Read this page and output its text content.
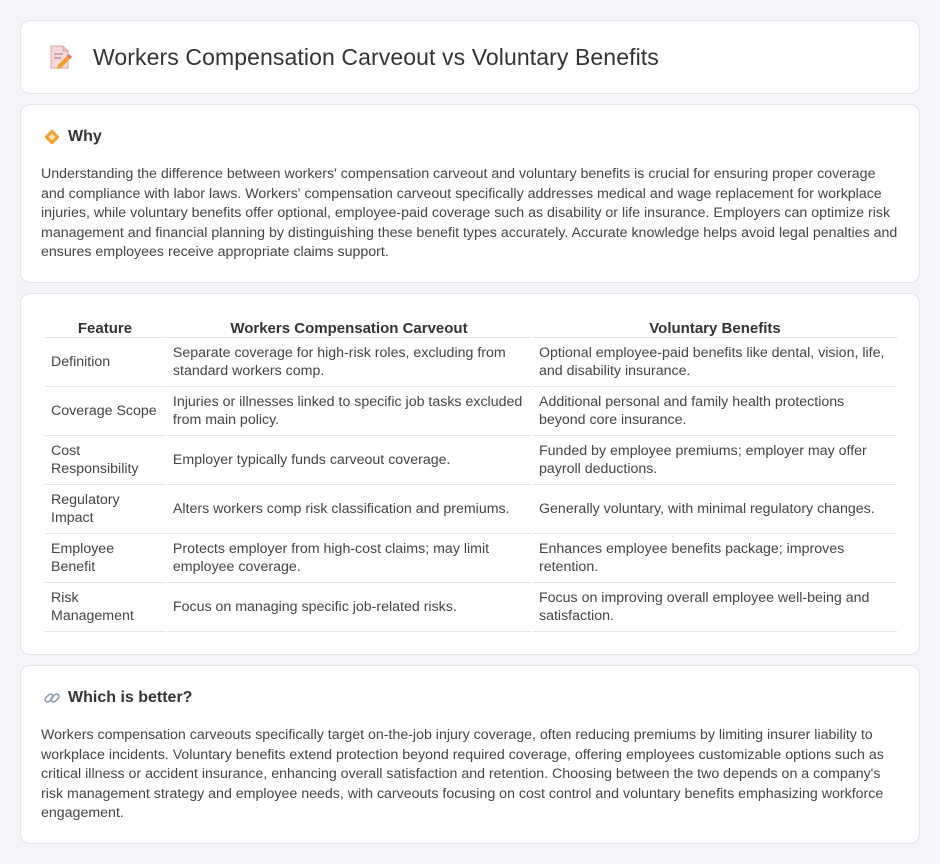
Workers Compensation Carveout vs Voluntary Benefits
Why

Understanding the difference between workers' compensation carveout and voluntary benefits is crucial for ensuring proper coverage and compliance with labor laws. Workers' compensation carveout specifically addresses medical and wage replacement for workplace injuries, while voluntary benefits offer optional, employee-paid coverage such as disability or life insurance. Employers can optimize risk management and financial planning by distinguishing these benefit types accurately. Accurate knowledge helps avoid legal penalties and ensures employees receive appropriate claims support.

Feature	Workers Compensation Carveout	Voluntary Benefits
Definition	Separate coverage for high-risk roles, excluding from standard workers comp.	Optional employee-paid benefits like dental, vision, life, and disability insurance.
Coverage Scope	Injuries or illnesses linked to specific job tasks excluded from main policy.	Additional personal and family health protections beyond core insurance.
Cost Responsibility	Employer typically funds carveout coverage.	Funded by employee premiums; employer may offer payroll deductions.
Regulatory Impact	Alters workers comp risk classification and premiums.	Generally voluntary, with minimal regulatory changes.
Employee Benefit	Protects employer from high-cost claims; may limit employee coverage.	Enhances employee benefits package; improves retention.
Risk Management	Focus on managing specific job-related risks.	Focus on improving overall employee well-being and satisfaction.
Which is better?

Workers compensation carveouts specifically target on-the-job injury coverage, often reducing premiums by limiting insurer liability to workplace incidents. Voluntary benefits extend protection beyond required coverage, offering employees customizable options such as critical illness or accident insurance, enhancing overall satisfaction and retention. Choosing between the two depends on a company's risk management strategy and employee needs, with carveouts focusing on cost control and voluntary benefits emphasizing workforce engagement.
